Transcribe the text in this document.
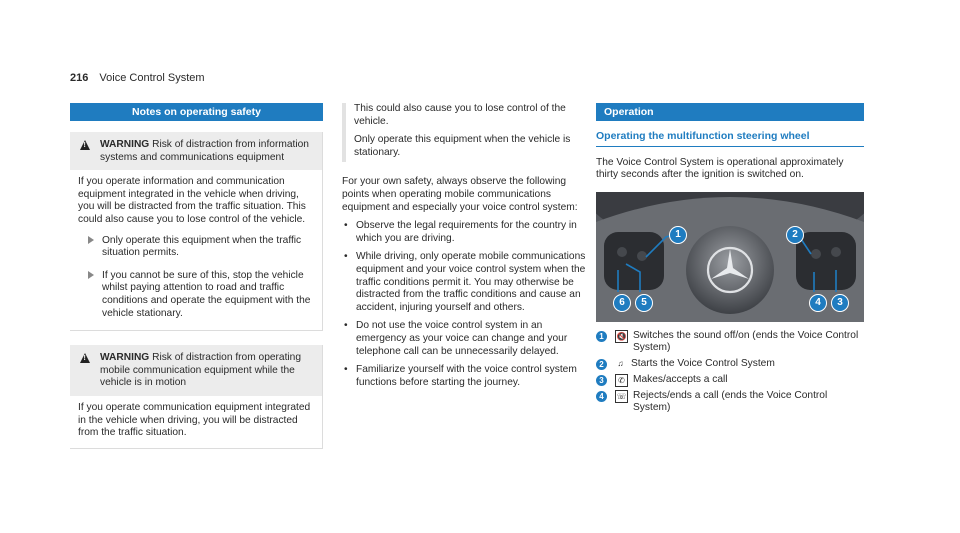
216 Voice Control System
Notes on operating safety
!
WARNING Risk of distraction from information systems and communications equipment

If you operate information and communication equipment integrated in the vehicle when driving, you will be distracted from the traffic situation. This could also cause you to lose control of the vehicle.

Only operate this equipment when the traffic situation permits.
If you cannot be sure of this, stop the vehicle whilst paying attention to road and traffic conditions and operate the equipment with the vehicle stationary.
!
WARNING Risk of distraction from operating mobile communication equipment while the vehicle is in motion

If you operate communication equipment integrated in the vehicle when driving, you will be distracted from the traffic situation.

This could also cause you to lose control of the vehicle.

Only operate this equipment when the vehicle is stationary.

For your own safety, always observe the following points when operating mobile communications equipment and especially your voice control system:

• Observe the legal requirements for the country in which you are driving.
• While driving, only operate mobile communications equipment and your voice control system when the traffic conditions permit it. You may otherwise be distracted from the traffic conditions and cause an accident, injuring yourself and others.
• Do not use the voice control system in an emergency as your voice can change and your telephone call can be unnecessarily delayed.
• Familiarize yourself with the voice control system functions before starting the journey.
Operation
Operating the multifunction steering wheel

The Voice Control System is operational approximately thirty seconds after the ignition is switched on.

1	2
3
4
5
6
1	🔇 Switches the sound off/on (ends the Voice Control System)
2	♫ Starts the Voice Control System
3	✆ Makes/accepts a call
4	☏ Rejects/ends a call (ends the Voice Control System)
